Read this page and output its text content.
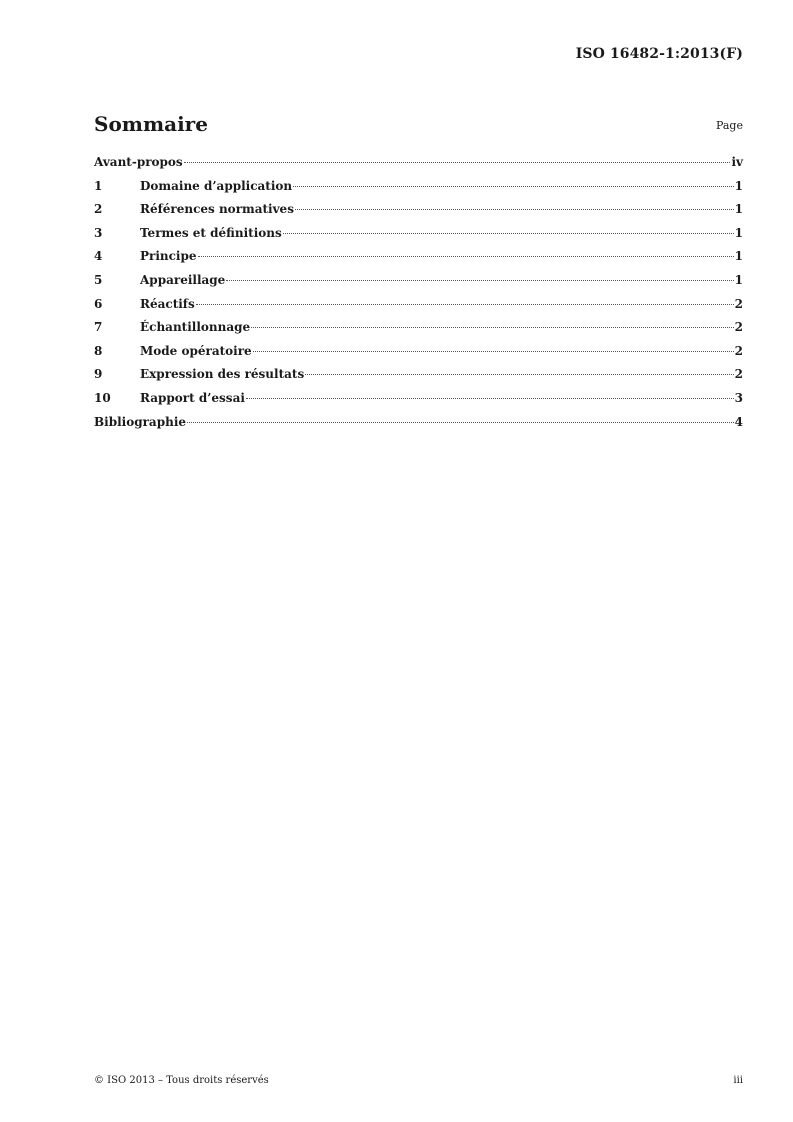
ISO 16482-1:2013(F)
Sommaire	Page
Avant-propos	iv
1	Domaine d’application	1
2	Références normatives	1
3	Termes et définitions	1
4	Principe	1
5	Appareillage	1
6	Réactifs	2
7	Échantillonnage	2
8	Mode opératoire	2
9	Expression des résultats	2
10	Rapport d’essai	3
Bibliographie	4
© ISO 2013 – Tous droits réservés	iii
